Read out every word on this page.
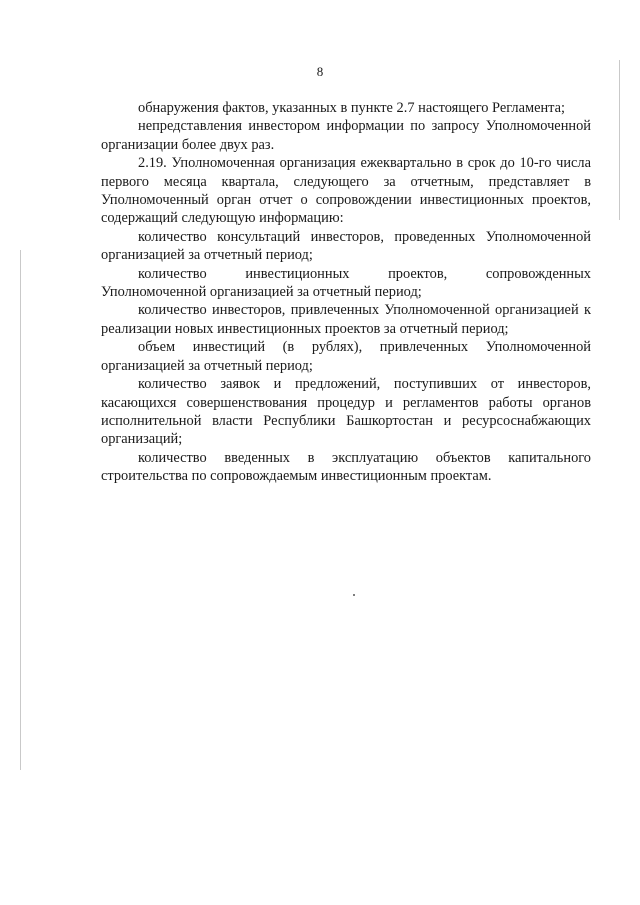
8

обнаружения фактов, указанных в пункте 2.7 настоящего Регламента;

непредставления инвестором информации по запросу Уполномоченной организации более двух раз.

2.19. Уполномоченная организация ежеквартально в срок до 10-го числа первого месяца квартала, следующего за отчетным, представляет в Уполномоченный орган отчет о сопровождении инвестиционных проектов, содержащий следующую информацию:

количество консультаций инвесторов, проведенных Уполномоченной организацией за отчетный период;

количество инвестиционных проектов, сопровожденных Уполномоченной организацией за отчетный период;

количество инвесторов, привлеченных Уполномоченной организацией к реализации новых инвестиционных проектов за отчетный период;

объем инвестиций (в рублях), привлеченных Уполномоченной организацией за отчетный период;

количество заявок и предложений, поступивших от инвесторов, касающихся совершенствования процедур и регламентов работы органов исполнительной власти Республики Башкортостан и ресурсоснабжающих организаций;

количество введенных в эксплуатацию объектов капитального строительства по сопровождаемым инвестиционным проектам.
